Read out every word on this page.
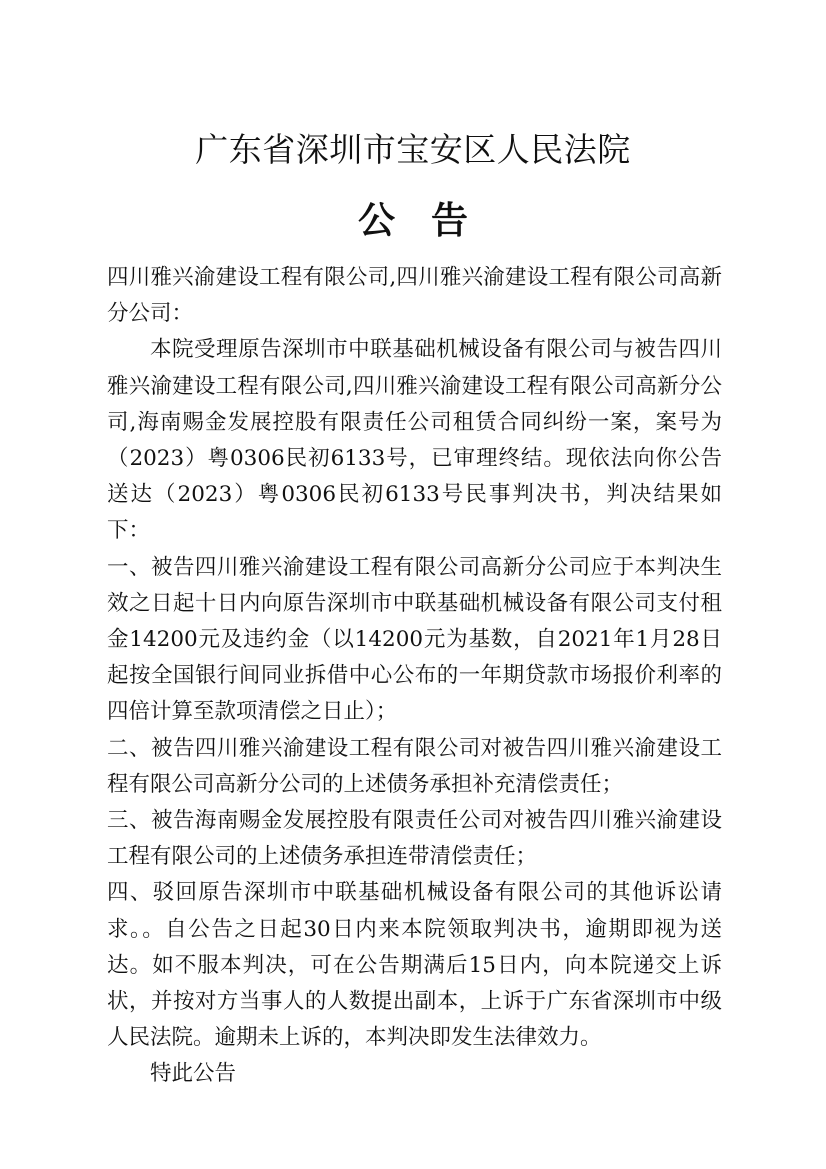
广东省深圳市宝安区人民法院
公告

四川雅兴渝建设工程有限公司,四川雅兴渝建设工程有限公司高新分公司：

本院受理原告深圳市中联基础机械设备有限公司与被告四川雅兴渝建设工程有限公司,四川雅兴渝建设工程有限公司高新分公司,海南赐金发展控股有限责任公司租赁合同纠纷一案，案号为（2023）粤0306民初6133号，已审理终结。现依法向你公告送达（2023）粤0306民初6133号民事判决书，判决结果如下：

一、被告四川雅兴渝建设工程有限公司高新分公司应于本判决生效之日起十日内向原告深圳市中联基础机械设备有限公司支付租金14200元及违约金（以14200元为基数，自2021年1月28日起按全国银行间同业拆借中心公布的一年期贷款市场报价利率的四倍计算至款项清偿之日止）；

二、被告四川雅兴渝建设工程有限公司对被告四川雅兴渝建设工程有限公司高新分公司的上述债务承担补充清偿责任；

三、被告海南赐金发展控股有限责任公司对被告四川雅兴渝建设工程有限公司的上述债务承担连带清偿责任；

四、驳回原告深圳市中联基础机械设备有限公司的其他诉讼请求。。自公告之日起30日内来本院领取判决书，逾期即视为送达。如不服本判决，可在公告期满后15日内，向本院递交上诉状，并按对方当事人的人数提出副本，上诉于广东省深圳市中级人民法院。逾期未上诉的，本判决即发生法律效力。

特此公告
